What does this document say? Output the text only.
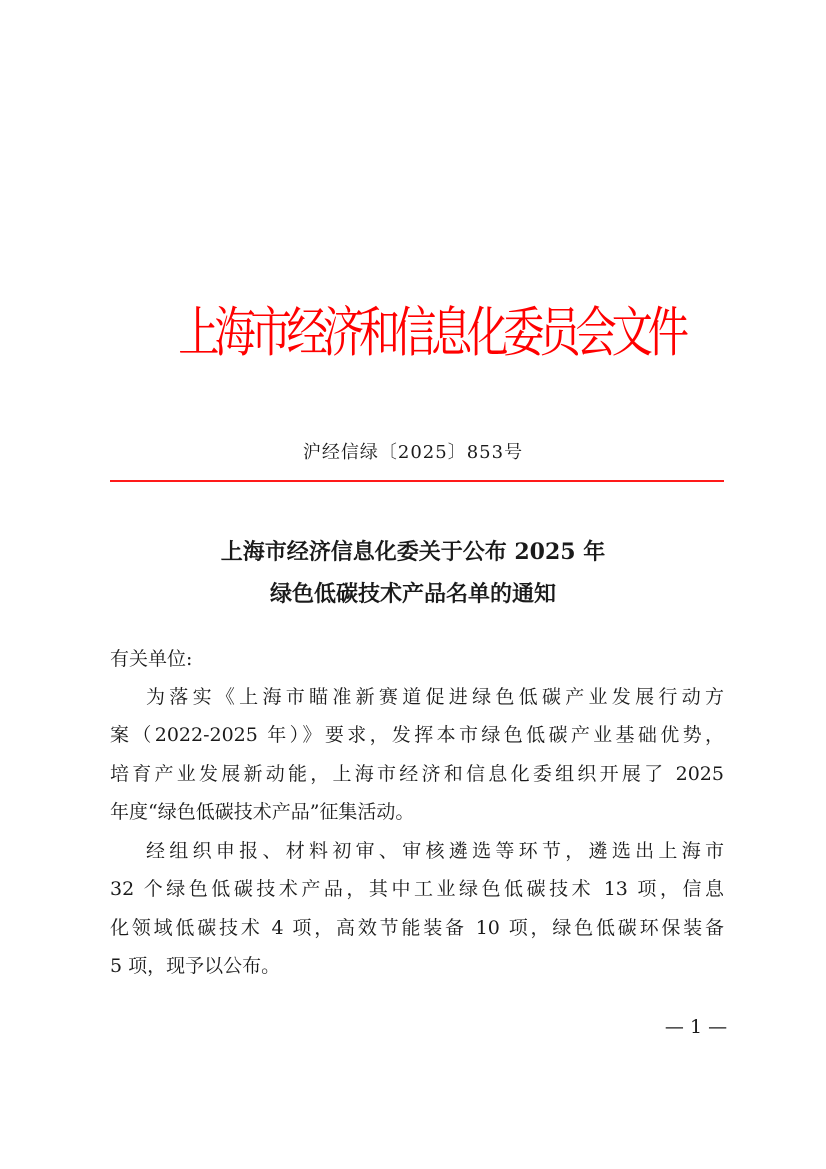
上海市经济和信息化委员会文件
沪经信绿〔2025〕853号
上海市经济信息化委关于公布 2025 年
绿色低碳技术产品名单的通知
有关单位:
为落实《上海市瞄准新赛道促进绿色低碳产业发展行动方
案（2022-2025 年）》要求，发挥本市绿色低碳产业基础优势，
培育产业发展新动能，上海市经济和信息化委组织开展了 2025
年度“绿色低碳技术产品”征集活动。
经组织申报、材料初审、审核遴选等环节，遴选出上海市
32 个绿色低碳技术产品，其中工业绿色低碳技术 13 项，信息
化领域低碳技术 4 项，高效节能装备 10 项，绿色低碳环保装备
5 项，现予以公布。
— 1 —
